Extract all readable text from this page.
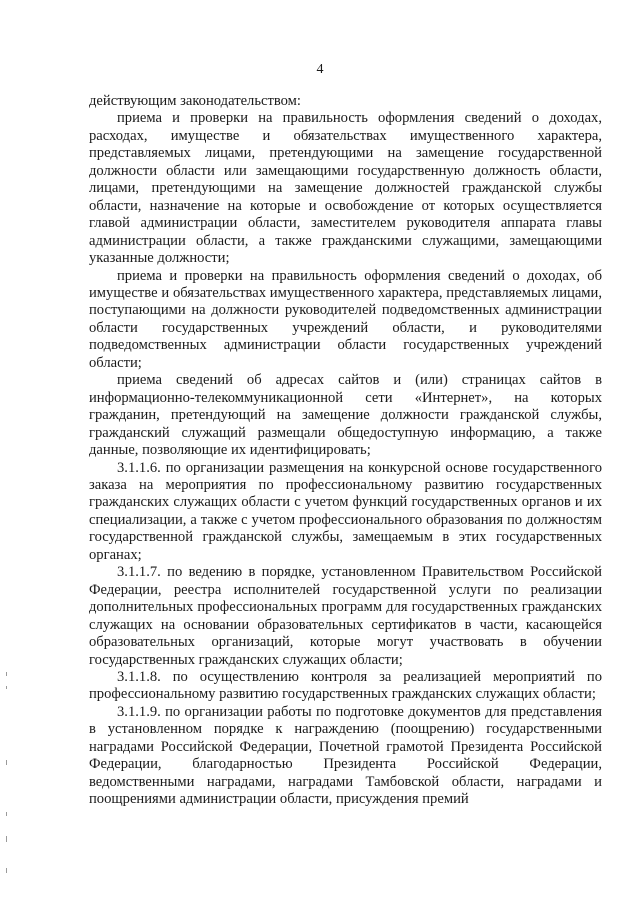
4

действующим законодательством:

приема и проверки на правильность оформления сведений о доходах, расходах, имуществе и обязательствах имущественного характера, представляемых лицами, претендующими на замещение государственной должности области или замещающими государственную должность области, лицами, претендующими на замещение должностей гражданской службы области, назначение на которые и освобождение от которых осуществляется главой администрации области, заместителем руководителя аппарата главы администрации области, а также гражданскими служащими, замещающими указанные должности;

приема и проверки на правильность оформления сведений о доходах, об имуществе и обязательствах имущественного характера, представляемых лицами, поступающими на должности руководителей подведомственных администрации области государственных учреждений области, и руководителями подведомственных администрации области государственных учреждений области;

приема сведений об адресах сайтов и (или) страницах сайтов в информационно-телекоммуникационной сети «Интернет», на которых гражданин, претендующий на замещение должности гражданской службы, гражданский служащий размещали общедоступную информацию, а также данные, позволяющие их идентифицировать;

3.1.1.6. по организации размещения на конкурсной основе государственного заказа на мероприятия по профессиональному развитию государственных гражданских служащих области с учетом функций государственных органов и их специализации, а также с учетом профессионального образования по должностям государственной гражданской службы, замещаемым в этих государственных органах;

3.1.1.7. по ведению в порядке, установленном Правительством Российской Федерации, реестра исполнителей государственной услуги по реализации дополнительных профессиональных программ для государственных гражданских служащих на основании образовательных сертификатов в части, касающейся образовательных организаций, которые могут участвовать в обучении государственных гражданских служащих области;

3.1.1.8. по осуществлению контроля за реализацией мероприятий по профессиональному развитию государственных гражданских служащих области;

3.1.1.9. по организации работы по подготовке документов для представления в установленном порядке к награждению (поощрению) государственными наградами Российской Федерации, Почетной грамотой Президента Российской Федерации, благодарностью Президента Российской Федерации, ведомственными наградами, наградами Тамбовской области, наградами и поощрениями администрации области, присуждения премий
